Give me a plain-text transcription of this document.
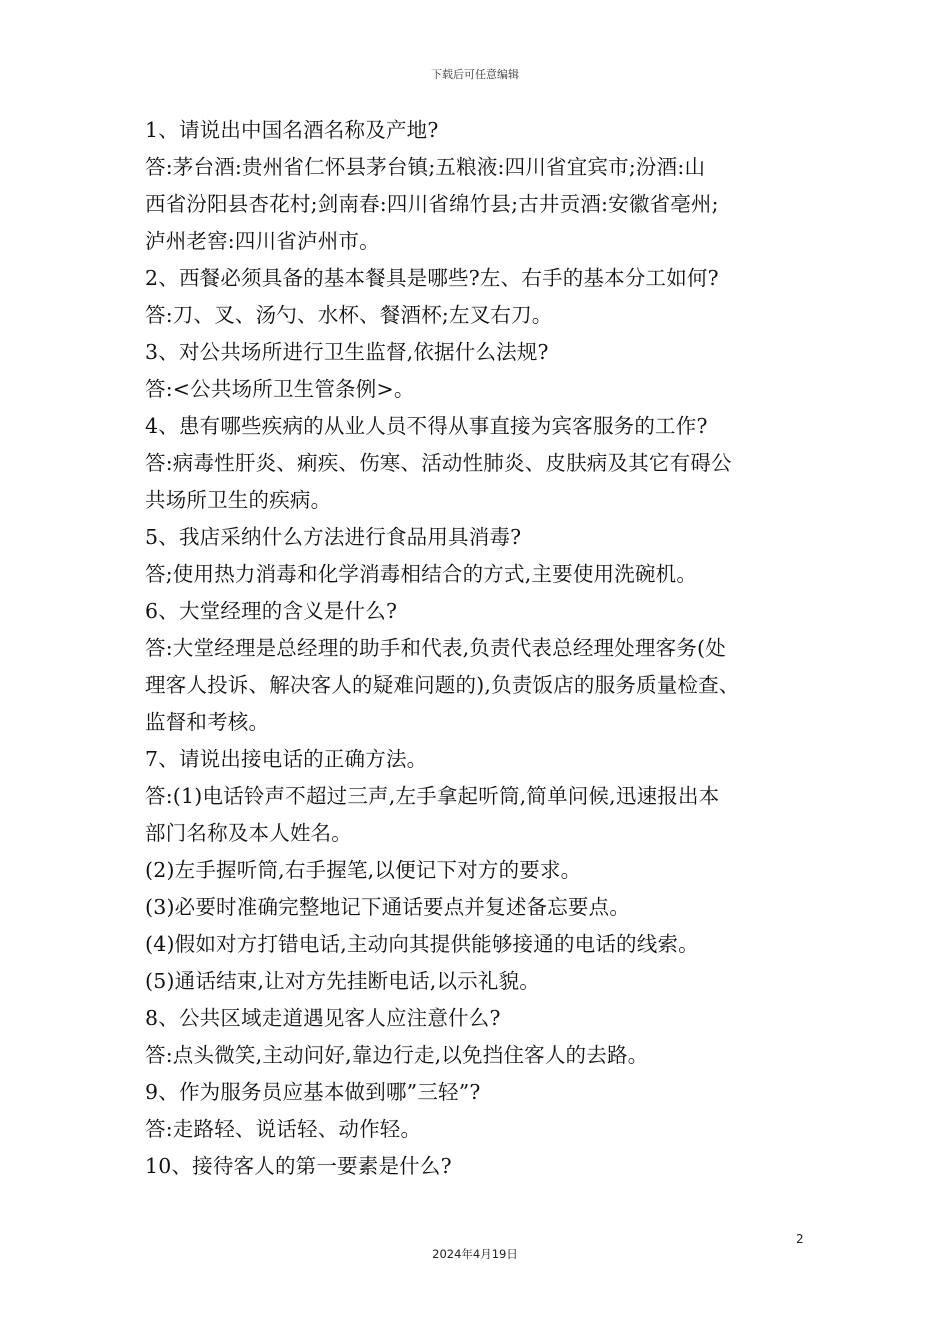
下载后可任意编辑
1、请说出中国名酒名称及产地?
答:茅台酒:贵州省仁怀县茅台镇;五粮液:四川省宜宾市;汾酒:山
西省汾阳县杏花村;剑南春:四川省绵竹县;古井贡酒:安徽省亳州;
泸州老窖:四川省泸州市。
2、西餐必须具备的基本餐具是哪些?左、右手的基本分工如何?
答:刀、叉、汤勺、水杯、餐酒杯;左叉右刀。
3、对公共场所进行卫生监督,依据什么法规?
答:<公共场所卫生管条例>。
4、患有哪些疾病的从业人员不得从事直接为宾客服务的工作?
答:病毒性肝炎、痢疾、伤寒、活动性肺炎、皮肤病及其它有碍公
共场所卫生的疾病。
5、我店采纳什么方法进行食品用具消毒?
答;使用热力消毒和化学消毒相结合的方式,主要使用洗碗机。
6、大堂经理的含义是什么?
答:大堂经理是总经理的助手和代表,负责代表总经理处理客务(处
理客人投诉、解决客人的疑难问题的),负责饭店的服务质量检查、
监督和考核。
7、请说出接电话的正确方法。
答:(1)电话铃声不超过三声,左手拿起听筒,简单问候,迅速报出本
部门名称及本人姓名。
(2)左手握听筒,右手握笔,以便记下对方的要求。
(3)必要时准确完整地记下通话要点并复述备忘要点。
(4)假如对方打错电话,主动向其提供能够接通的电话的线索。
(5)通话结束,让对方先挂断电话,以示礼貌。
8、公共区域走道遇见客人应注意什么?
答:点头微笑,主动问好,靠边行走,以免挡住客人的去路。
9、作为服务员应基本做到哪”三轻”?
答:走路轻、说话轻、动作轻。
10、接待客人的第一要素是什么?
2
2024年4月19日
